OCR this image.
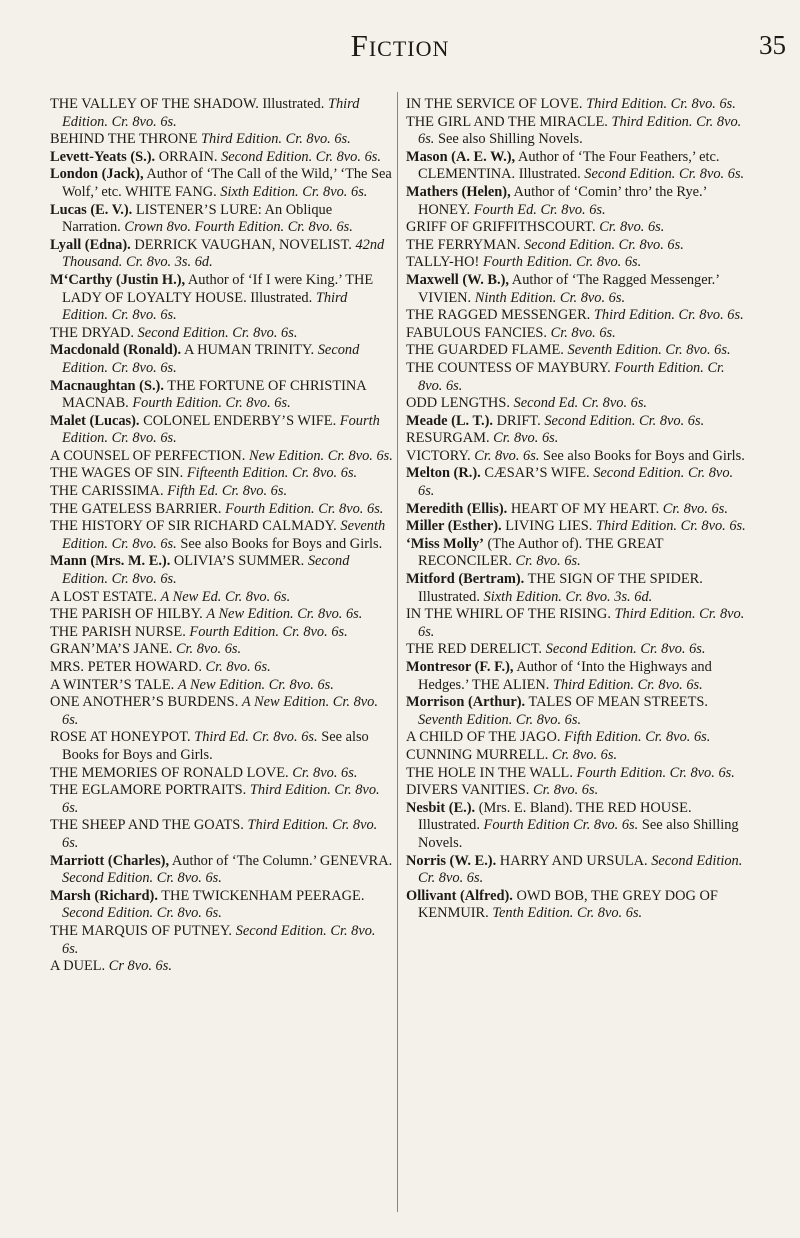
Fiction	35

THE VALLEY OF THE SHADOW. Illustrated. Third Edition. Cr. 8vo. 6s.

BEHIND THE THRONE Third Edition. Cr. 8vo. 6s.

Levett-Yeats (S.). ORRAIN. Second Edition. Cr. 8vo. 6s.

London (Jack), Author of ‘The Call of the Wild,’ ‘The Sea Wolf,’ etc. WHITE FANG. Sixth Edition. Cr. 8vo. 6s.

Lucas (E. V.). LISTENER’S LURE: An Oblique Narration. Crown 8vo. Fourth Edition. Cr. 8vo. 6s.

Lyall (Edna). DERRICK VAUGHAN, NOVELIST. 42nd Thousand. Cr. 8vo. 3s. 6d.

M‘Carthy (Justin H.), Author of ‘If I were King.’ THE LADY OF LOYALTY HOUSE. Illustrated. Third Edition. Cr. 8vo. 6s.

THE DRYAD. Second Edition. Cr. 8vo. 6s.

Macdonald (Ronald). A HUMAN TRINITY. Second Edition. Cr. 8vo. 6s.

Macnaughtan (S.). THE FORTUNE OF CHRISTINA MACNAB. Fourth Edition. Cr. 8vo. 6s.

Malet (Lucas). COLONEL ENDERBY’S WIFE. Fourth Edition. Cr. 8vo. 6s.

A COUNSEL OF PERFECTION. New Edition. Cr. 8vo. 6s.

THE WAGES OF SIN. Fifteenth Edition. Cr. 8vo. 6s.

THE CARISSIMA. Fifth Ed. Cr. 8vo. 6s.

THE GATELESS BARRIER. Fourth Edition. Cr. 8vo. 6s.

THE HISTORY OF SIR RICHARD CALMADY. Seventh Edition. Cr. 8vo. 6s. See also Books for Boys and Girls.

Mann (Mrs. M. E.). OLIVIA’S SUMMER. Second Edition. Cr. 8vo. 6s.

A LOST ESTATE. A New Ed. Cr. 8vo. 6s.

THE PARISH OF HILBY. A New Edition. Cr. 8vo. 6s.

THE PARISH NURSE. Fourth Edition. Cr. 8vo. 6s.

GRAN’MA’S JANE. Cr. 8vo. 6s.

MRS. PETER HOWARD. Cr. 8vo. 6s.

A WINTER’S TALE. A New Edition. Cr. 8vo. 6s.

ONE ANOTHER’S BURDENS. A New Edition. Cr. 8vo. 6s.

ROSE AT HONEYPOT. Third Ed. Cr. 8vo. 6s. See also Books for Boys and Girls.

THE MEMORIES OF RONALD LOVE. Cr. 8vo. 6s.

THE EGLAMORE PORTRAITS. Third Edition. Cr. 8vo. 6s.

THE SHEEP AND THE GOATS. Third Edition. Cr. 8vo. 6s.

Marriott (Charles), Author of ‘The Column.’ GENEVRA. Second Edition. Cr. 8vo. 6s.

Marsh (Richard). THE TWICKENHAM PEERAGE. Second Edition. Cr. 8vo. 6s.

THE MARQUIS OF PUTNEY. Second Edition. Cr. 8vo. 6s.

A DUEL. Cr 8vo. 6s.

IN THE SERVICE OF LOVE. Third Edition. Cr. 8vo. 6s.

THE GIRL AND THE MIRACLE. Third Edition. Cr. 8vo. 6s. See also Shilling Novels.

Mason (A. E. W.), Author of ‘The Four Feathers,’ etc. CLEMENTINA. Illustrated. Second Edition. Cr. 8vo. 6s.

Mathers (Helen), Author of ‘Comin’ thro’ the Rye.’ HONEY. Fourth Ed. Cr. 8vo. 6s.

GRIFF OF GRIFFITHSCOURT. Cr. 8vo. 6s.

THE FERRYMAN. Second Edition. Cr. 8vo. 6s.

TALLY-HO! Fourth Edition. Cr. 8vo. 6s.

Maxwell (W. B.), Author of ‘The Ragged Messenger.’ VIVIEN. Ninth Edition. Cr. 8vo. 6s.

THE RAGGED MESSENGER. Third Edition. Cr. 8vo. 6s.

FABULOUS FANCIES. Cr. 8vo. 6s.

THE GUARDED FLAME. Seventh Edition. Cr. 8vo. 6s.

THE COUNTESS OF MAYBURY. Fourth Edition. Cr. 8vo. 6s.

ODD LENGTHS. Second Ed. Cr. 8vo. 6s.

Meade (L. T.). DRIFT. Second Edition. Cr. 8vo. 6s.

RESURGAM. Cr. 8vo. 6s.

VICTORY. Cr. 8vo. 6s. See also Books for Boys and Girls.

Melton (R.). CÆSAR’S WIFE. Second Edition. Cr. 8vo. 6s.

Meredith (Ellis). HEART OF MY HEART. Cr. 8vo. 6s.

Miller (Esther). LIVING LIES. Third Edition. Cr. 8vo. 6s.

‘Miss Molly’ (The Author of). THE GREAT RECONCILER. Cr. 8vo. 6s.

Mitford (Bertram). THE SIGN OF THE SPIDER. Illustrated. Sixth Edition. Cr. 8vo. 3s. 6d.

IN THE WHIRL OF THE RISING. Third Edition. Cr. 8vo. 6s.

THE RED DERELICT. Second Edition. Cr. 8vo. 6s.

Montresor (F. F.), Author of ‘Into the Highways and Hedges.’ THE ALIEN. Third Edition. Cr. 8vo. 6s.

Morrison (Arthur). TALES OF MEAN STREETS. Seventh Edition. Cr. 8vo. 6s.

A CHILD OF THE JAGO. Fifth Edition. Cr. 8vo. 6s.

CUNNING MURRELL. Cr. 8vo. 6s.

THE HOLE IN THE WALL. Fourth Edition. Cr. 8vo. 6s.

DIVERS VANITIES. Cr. 8vo. 6s.

Nesbit (E.). (Mrs. E. Bland). THE RED HOUSE. Illustrated. Fourth Edition Cr. 8vo. 6s. See also Shilling Novels.

Norris (W. E.). HARRY AND URSULA. Second Edition. Cr. 8vo. 6s.

Ollivant (Alfred). OWD BOB, THE GREY DOG OF KENMUIR. Tenth Edition. Cr. 8vo. 6s.
